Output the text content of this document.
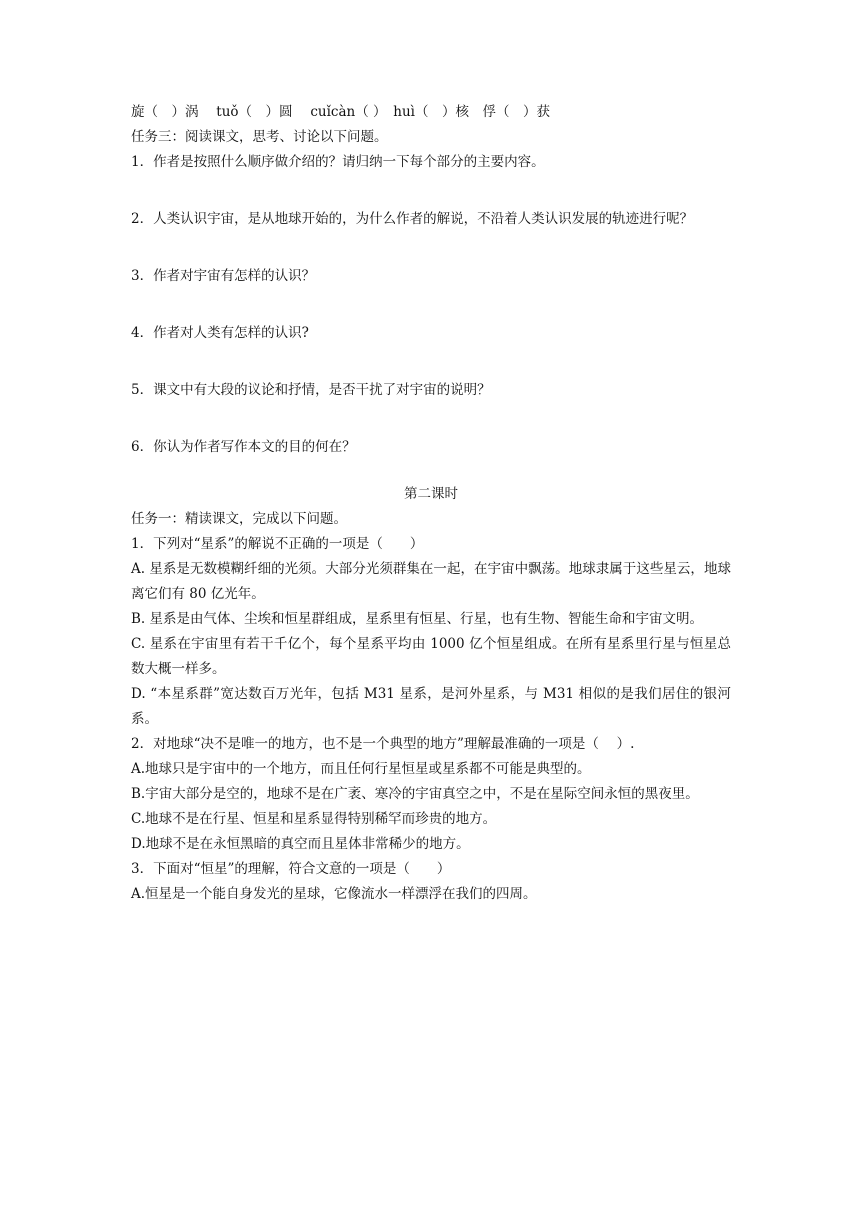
旋（　）涡　 tuǒ（　）圆　 cuǐcàn（ ）　huì（　）核　俘（　）获
任务三：阅读课文，思考、讨论以下问题。
1．作者是按照什么顺序做介绍的？请归纳一下每个部分的主要内容。
2．人类认识宇宙，是从地球开始的，为什么作者的解说，不沿着人类认识发展的轨迹进行呢？
3．作者对宇宙有怎样的认识？
4．作者对人类有怎样的认识?
5．课文中有大段的议论和抒情，是否干扰了对宇宙的说明？
6．你认为作者写作本文的目的何在？
第二课时
任务一：精读课文，完成以下问题。
1．下列对“星系”的解说不正确的一项是（　　）
A. 星系是无数模糊纤细的光须。大部分光须群集在一起，在宇宙中飘荡。地球隶属于这些星云，地球离它们有 80 亿光年。
B. 星系是由气体、尘埃和恒星群组成，星系里有恒星、行星，也有生物、智能生命和宇宙文明。
C. 星系在宇宙里有若干千亿个，每个星系平均由 1000 亿个恒星组成。在所有星系里行星与恒星总数大概一样多。
D. “本星系群”宽达数百万光年，包括 M31 星系，是河外星系，与 M31 相似的是我们居住的银河系。
2．对地球“决不是唯一的地方，也不是一个典型的地方”理解最准确的一项是（　 ）.
A.地球只是宇宙中的一个地方，而且任何行星恒星或星系都不可能是典型的。
B.宇宙大部分是空的，地球不是在广袤、寒冷的宇宙真空之中，不是在星际空间永恒的黑夜里。
C.地球不是在行星、恒星和星系显得特别稀罕而珍贵的地方。
D.地球不是在永恒黑暗的真空而且星体非常稀少的地方。
3．下面对“恒星”的理解，符合文意的一项是（　　）
A.恒星是一个能自身发光的星球，它像流水一样漂浮在我们的四周。
